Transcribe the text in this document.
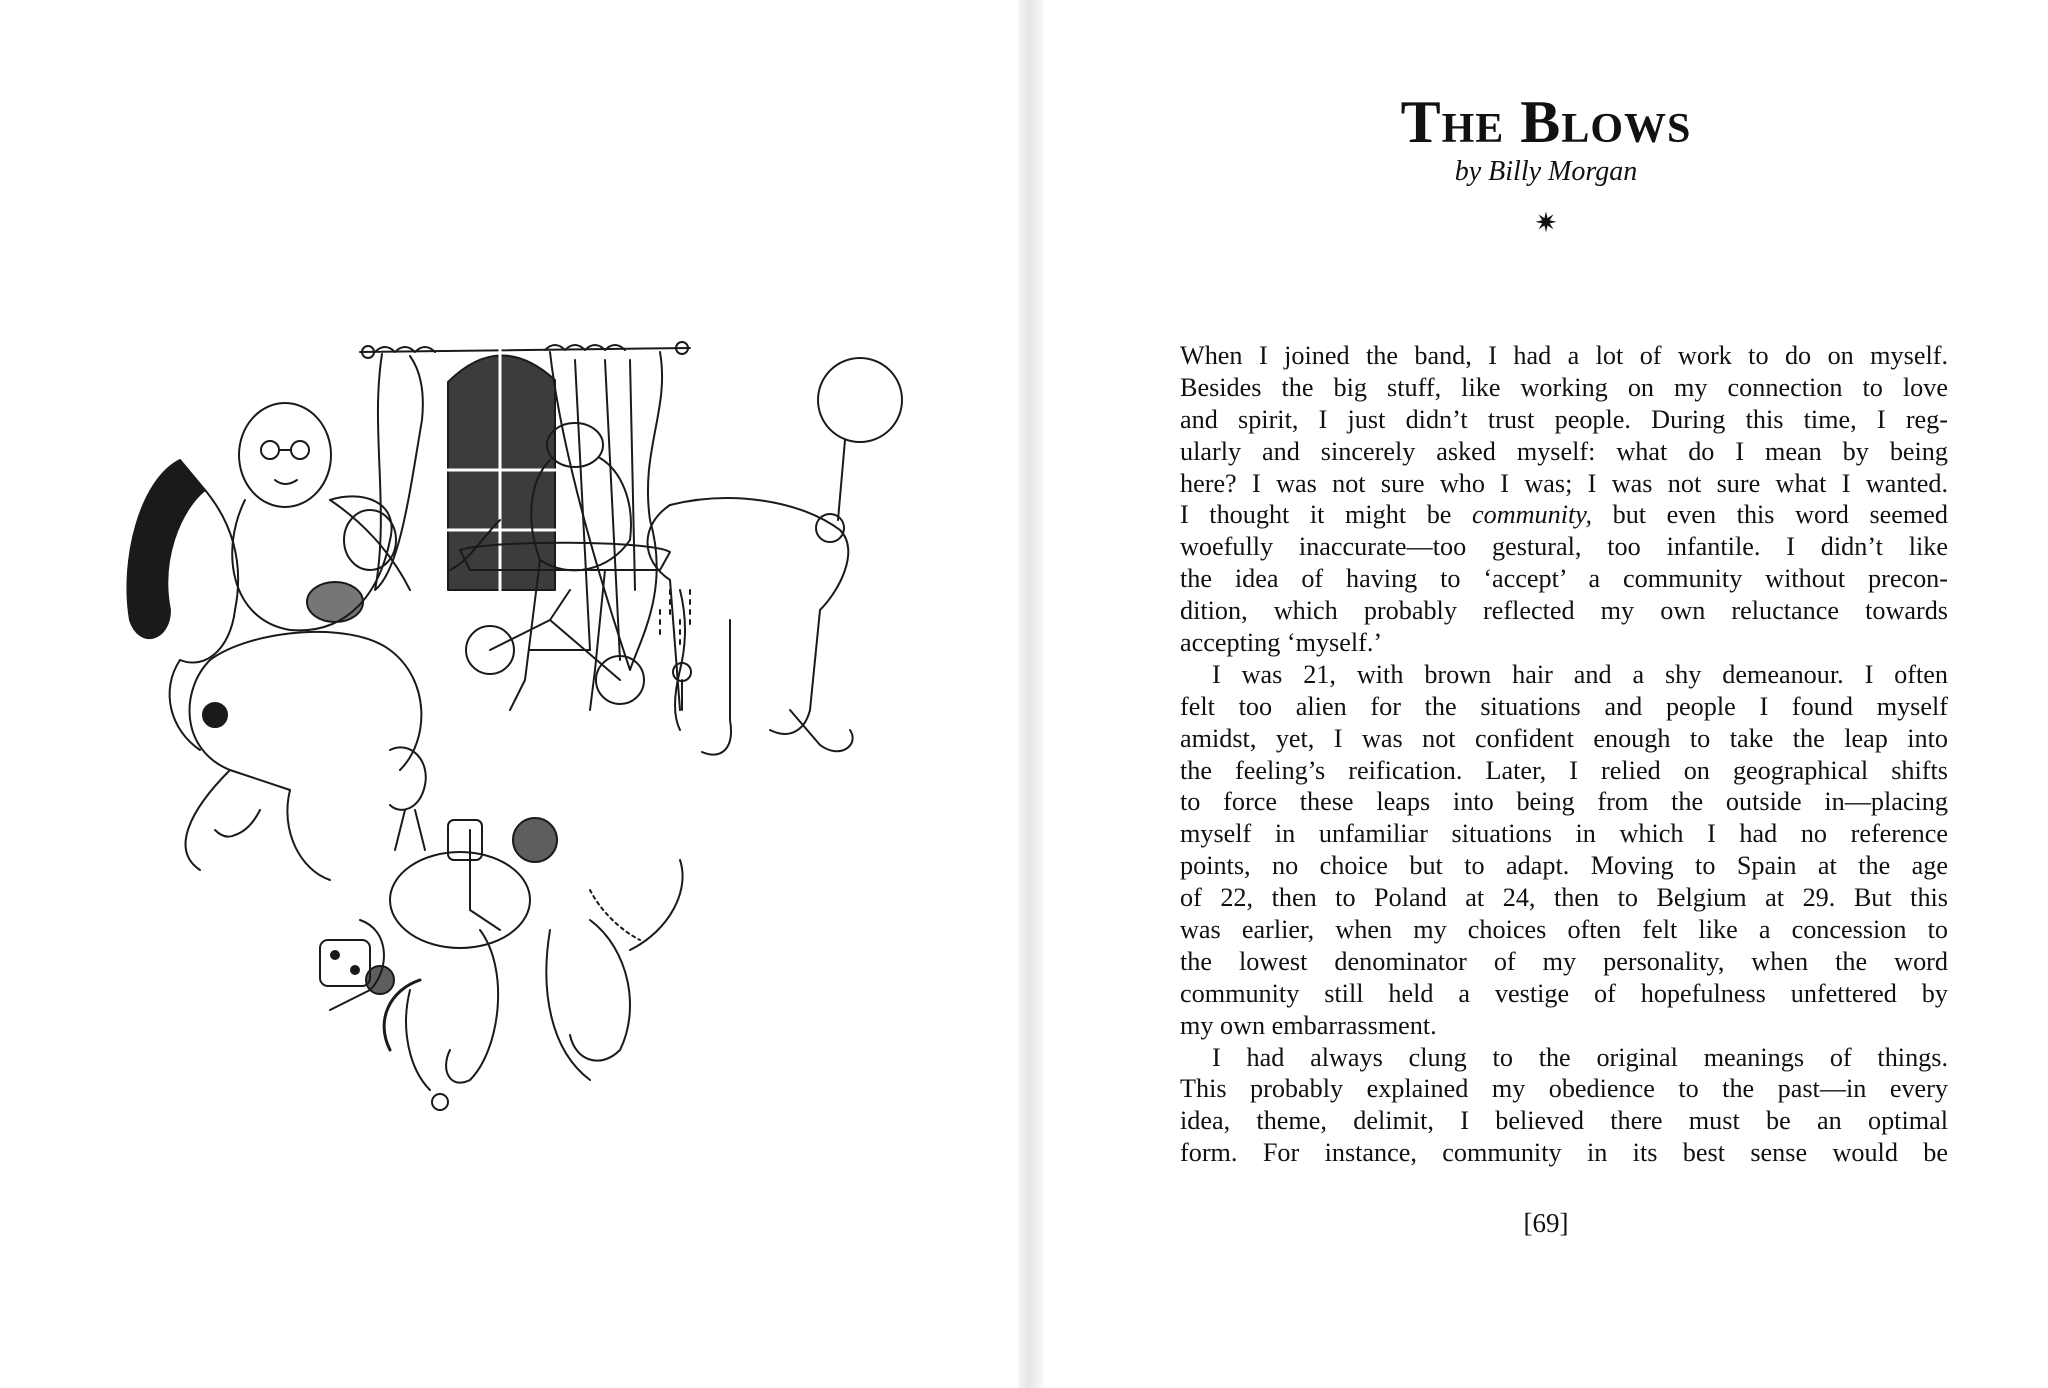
The Blows

by Billy Morgan

✷
When I joined the band, I had a lot of work to do on myself.
Besides the big stuff, like working on my connection to love
and spirit, I just didn’t trust people. During this time, I reg-
ularly and sincerely asked myself: what do I mean by being
here? I was not sure who I was; I was not sure what I wanted.
I thought it might be community, but even this word seemed
woefully inaccurate—too gestural, too infantile. I didn’t like
the idea of having to ‘accept’ a community without precon-
dition, which probably reflected my own reluctance towards
accepting ‘myself.’
I was 21, with brown hair and a shy demeanour. I often
felt too alien for the situations and people I found myself
amidst, yet, I was not confident enough to take the leap into
the feeling’s reification. Later, I relied on geographical shifts
to force these leaps into being from the outside in—placing
myself in unfamiliar situations in which I had no reference
points, no choice but to adapt. Moving to Spain at the age
of 22, then to Poland at 24, then to Belgium at 29. But this
was earlier, when my choices often felt like a concession to
the lowest denominator of my personality, when the word
community still held a vestige of hopefulness unfettered by
my own embarrassment.
I had always clung to the original meanings of things.
This probably explained my obedience to the past—in every
idea, theme, delimit, I believed there must be an optimal
form. For instance, community in its best sense would be
[69]
